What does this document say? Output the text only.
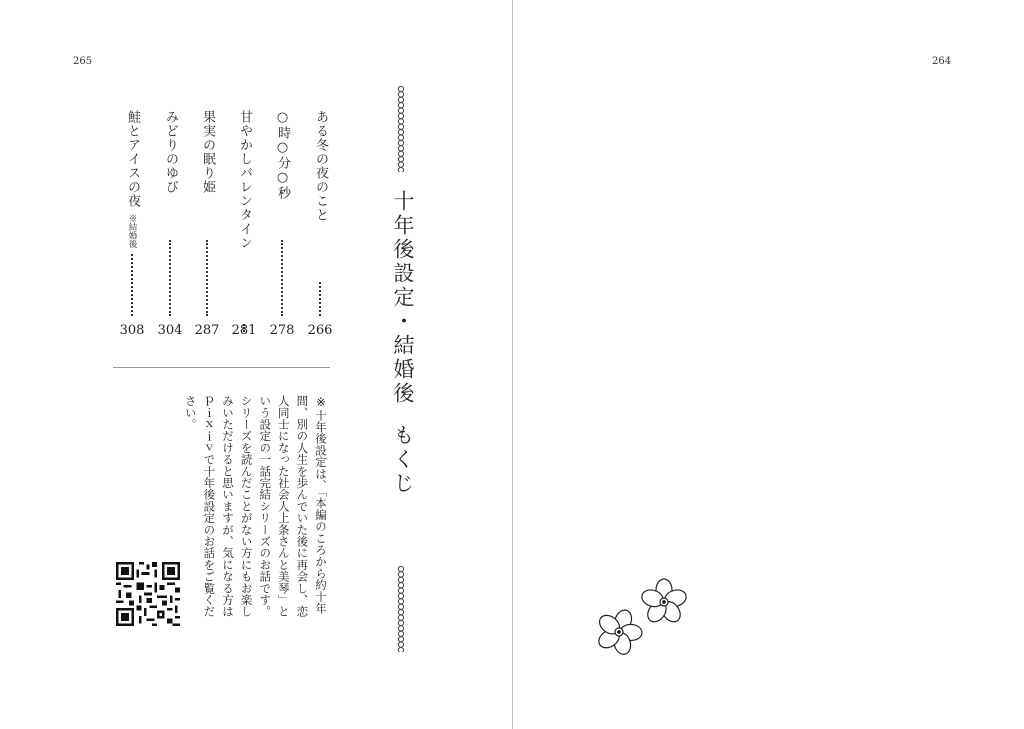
265
ある冬の夜のこと
266
○時○分○秒
278
甘やかしバレンタイン
281
果実の眠り姫
287
みどりのゆび
304
鮭とアイスの夜
※結婚後
308
※十年後設定は、「本編のころから約十年
間、別の人生を歩んでいた後に再会し、恋
人同士になった社会人上条さんと美琴」と
いう設定の一話完結シリーズのお話です。
シリーズを読んだことがない方にもお楽し
みいただけると思いますが、気になる方は
ｐｉｘｉｖで十年後設定のお話をご覧くだ
さい。
十年後設定・結婚後もくじ
264
